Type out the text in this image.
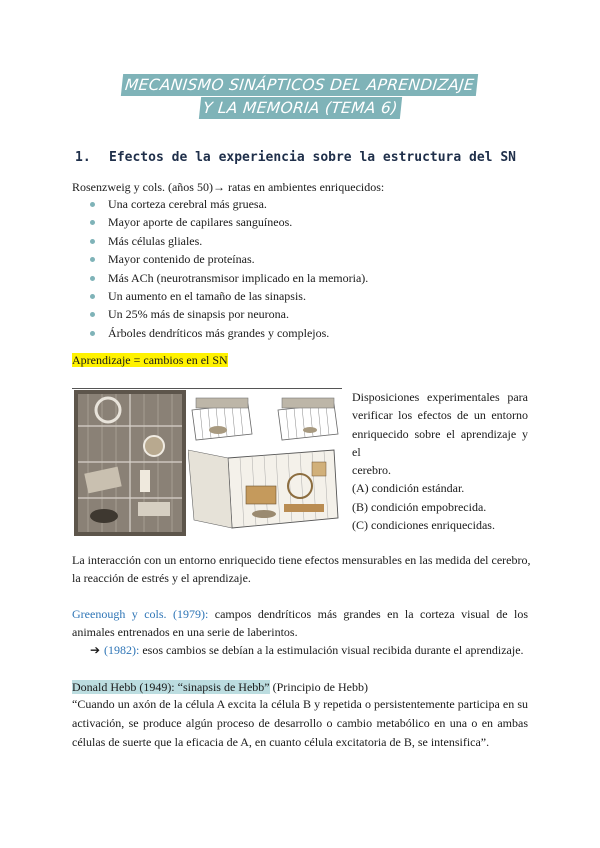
MECANISMO SINÁPTICOS DEL APRENDIZAJE
Y LA MEMORIA (TEMA 6)
1. Efectos de la experiencia sobre la estructura del SN
Rosenzweig y cols. (años 50)→ ratas en ambientes enriquecidos:
Una corteza cerebral más gruesa.
Mayor aporte de capilares sanguíneos.
Más células gliales.
Mayor contenido de proteínas.
Más ACh (neurotransmisor implicado en la memoria).
Un aumento en el tamaño de las sinapsis.
Un 25% más de sinapsis por neurona.
Árboles dendríticos más grandes y complejos.
Aprendizaje = cambios en el SN
Disposiciones experimentales para
verificar los efectos de un entorno
enriquecido sobre el aprendizaje y el
cerebro.
(A) condición estándar.
(B) condición empobrecida.
(C) condiciones enriquecidas.
La interacción con un entorno enriquecido tiene efectos mensurables en las medida del cerebro, la reacción de estrés y el aprendizaje.
Greenough y cols. (1979): campos dendríticos más grandes en la corteza visual de los animales entrenados en una serie de laberintos.
➔ (1982): esos cambios se debían a la estimulación visual recibida durante el aprendizaje.
Donald Hebb (1949): “sinapsis de Hebb” (Principio de Hebb)
“Cuando un axón de la célula A excita la célula B y repetida o persistentemente participa en su activación, se produce algún proceso de desarrollo o cambio metabólico en una o en ambas células de suerte que la eficacia de A, en cuanto célula excitatoria de B, se intensifica”.
